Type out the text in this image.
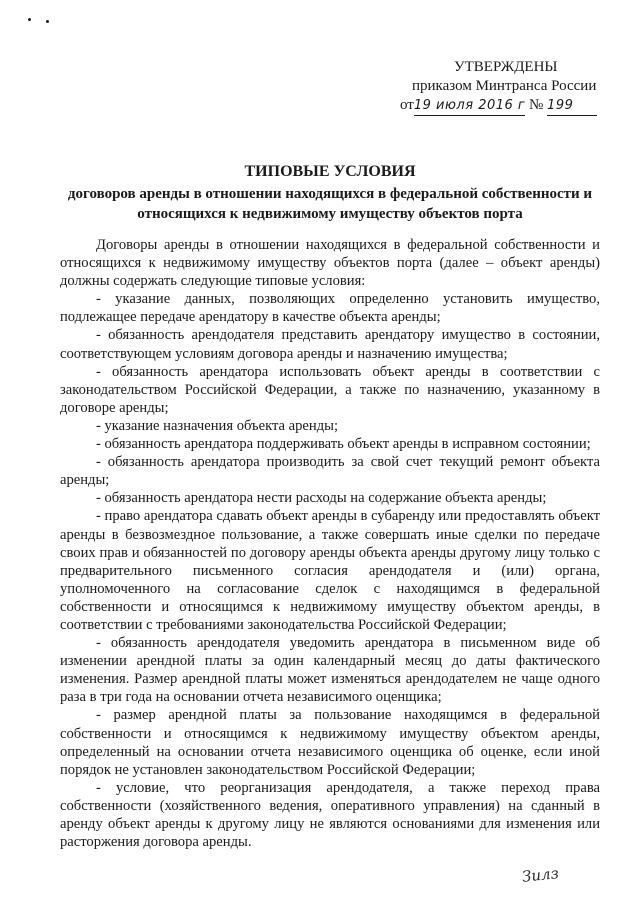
УТВЕРЖДЕНЫ
приказом Минтранса России
от19 июля 2016 г № 199
ТИПОВЫЕ УСЛОВИЯ
договоров аренды в отношении находящихся в федеральной собственности и относящихся к недвижимому имуществу объектов порта

Договоры аренды в отношении находящихся в федеральной собственности и относящихся к недвижимому имуществу объектов порта (далее – объект аренды) должны содержать следующие типовые условия:

- указание данных, позволяющих определенно установить имущество, подлежащее передаче арендатору в качестве объекта аренды;

- обязанность арендодателя представить арендатору имущество в состоянии, соответствующем условиям договора аренды и назначению имущества;

- обязанность арендатора использовать объект аренды в соответствии с законодательством Российской Федерации, а также по назначению, указанному в договоре аренды;

- указание назначения объекта аренды;

- обязанность арендатора поддерживать объект аренды в исправном состоянии;

- обязанность арендатора производить за свой счет текущий ремонт объекта аренды;

- обязанность арендатора нести расходы на содержание объекта аренды;

- право арендатора сдавать объект аренды в субаренду или предоставлять объект аренды в безвозмездное пользование, а также совершать иные сделки по передаче своих прав и обязанностей по договору аренды объекта аренды другому лицу только с предварительного письменного согласия арендодателя и (или) органа, уполномоченного на согласование сделок с находящимся в федеральной собственности и относящимся к недвижимому имуществу объектом аренды, в соответствии с требованиями законодательства Российской Федерации;

- обязанность арендодателя уведомить арендатора в письменном виде об изменении арендной платы за один календарный месяц до даты фактического изменения. Размер арендной платы может изменяться арендодателем не чаще одного раза в три года на основании отчета независимого оценщика;

- размер арендной платы за пользование находящимся в федеральной собственности и относящимся к недвижимому имуществу объектом аренды, определенный на основании отчета независимого оценщика об оценке, если иной порядок не установлен законодательством Российской Федерации;

- условие, что реорганизация арендодателя, а также переход права собственности (хозяйственного ведения, оперативного управления) на сданный в аренду объект аренды к другому лицу не являются основаниями для изменения или расторжения договора аренды.

Зилз
